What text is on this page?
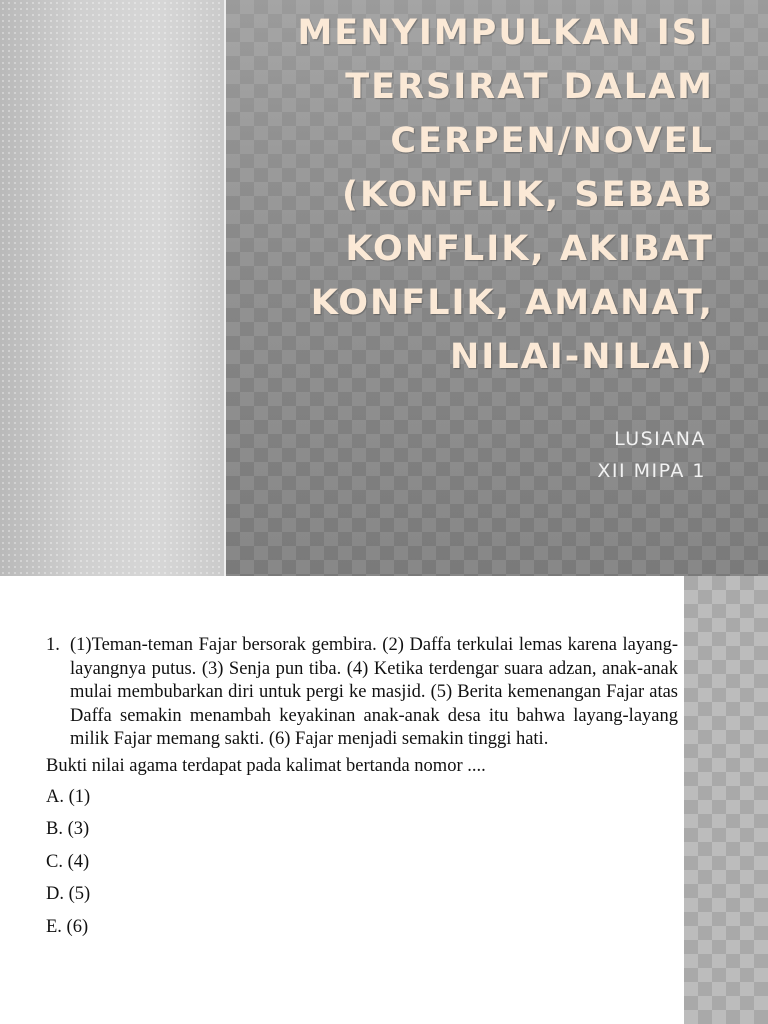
MENYIMPULKAN ISI TERSIRAT DALAM CERPEN/NOVEL (KONFLIK, SEBAB KONFLIK, AKIBAT KONFLIK, AMANAT, NILAI-NILAI)
LUSIANA
XII MIPA 1
1. (1)Teman-teman Fajar bersorak gembira. (2) Daffa terkulai lemas karena layang-layangnya putus. (3) Senja pun tiba. (4) Ketika terdengar suara adzan, anak-anak mulai membubarkan diri untuk pergi ke masjid. (5) Berita kemenangan Fajar atas Daffa semakin menambah keyakinan anak-anak desa itu bahwa layang-layang milik Fajar memang sakti. (6) Fajar menjadi semakin tinggi hati.

Bukti nilai agama terdapat pada kalimat bertanda nomor ....

A. (1)
B. (3)
C. (4)
D. (5)
E. (6)
